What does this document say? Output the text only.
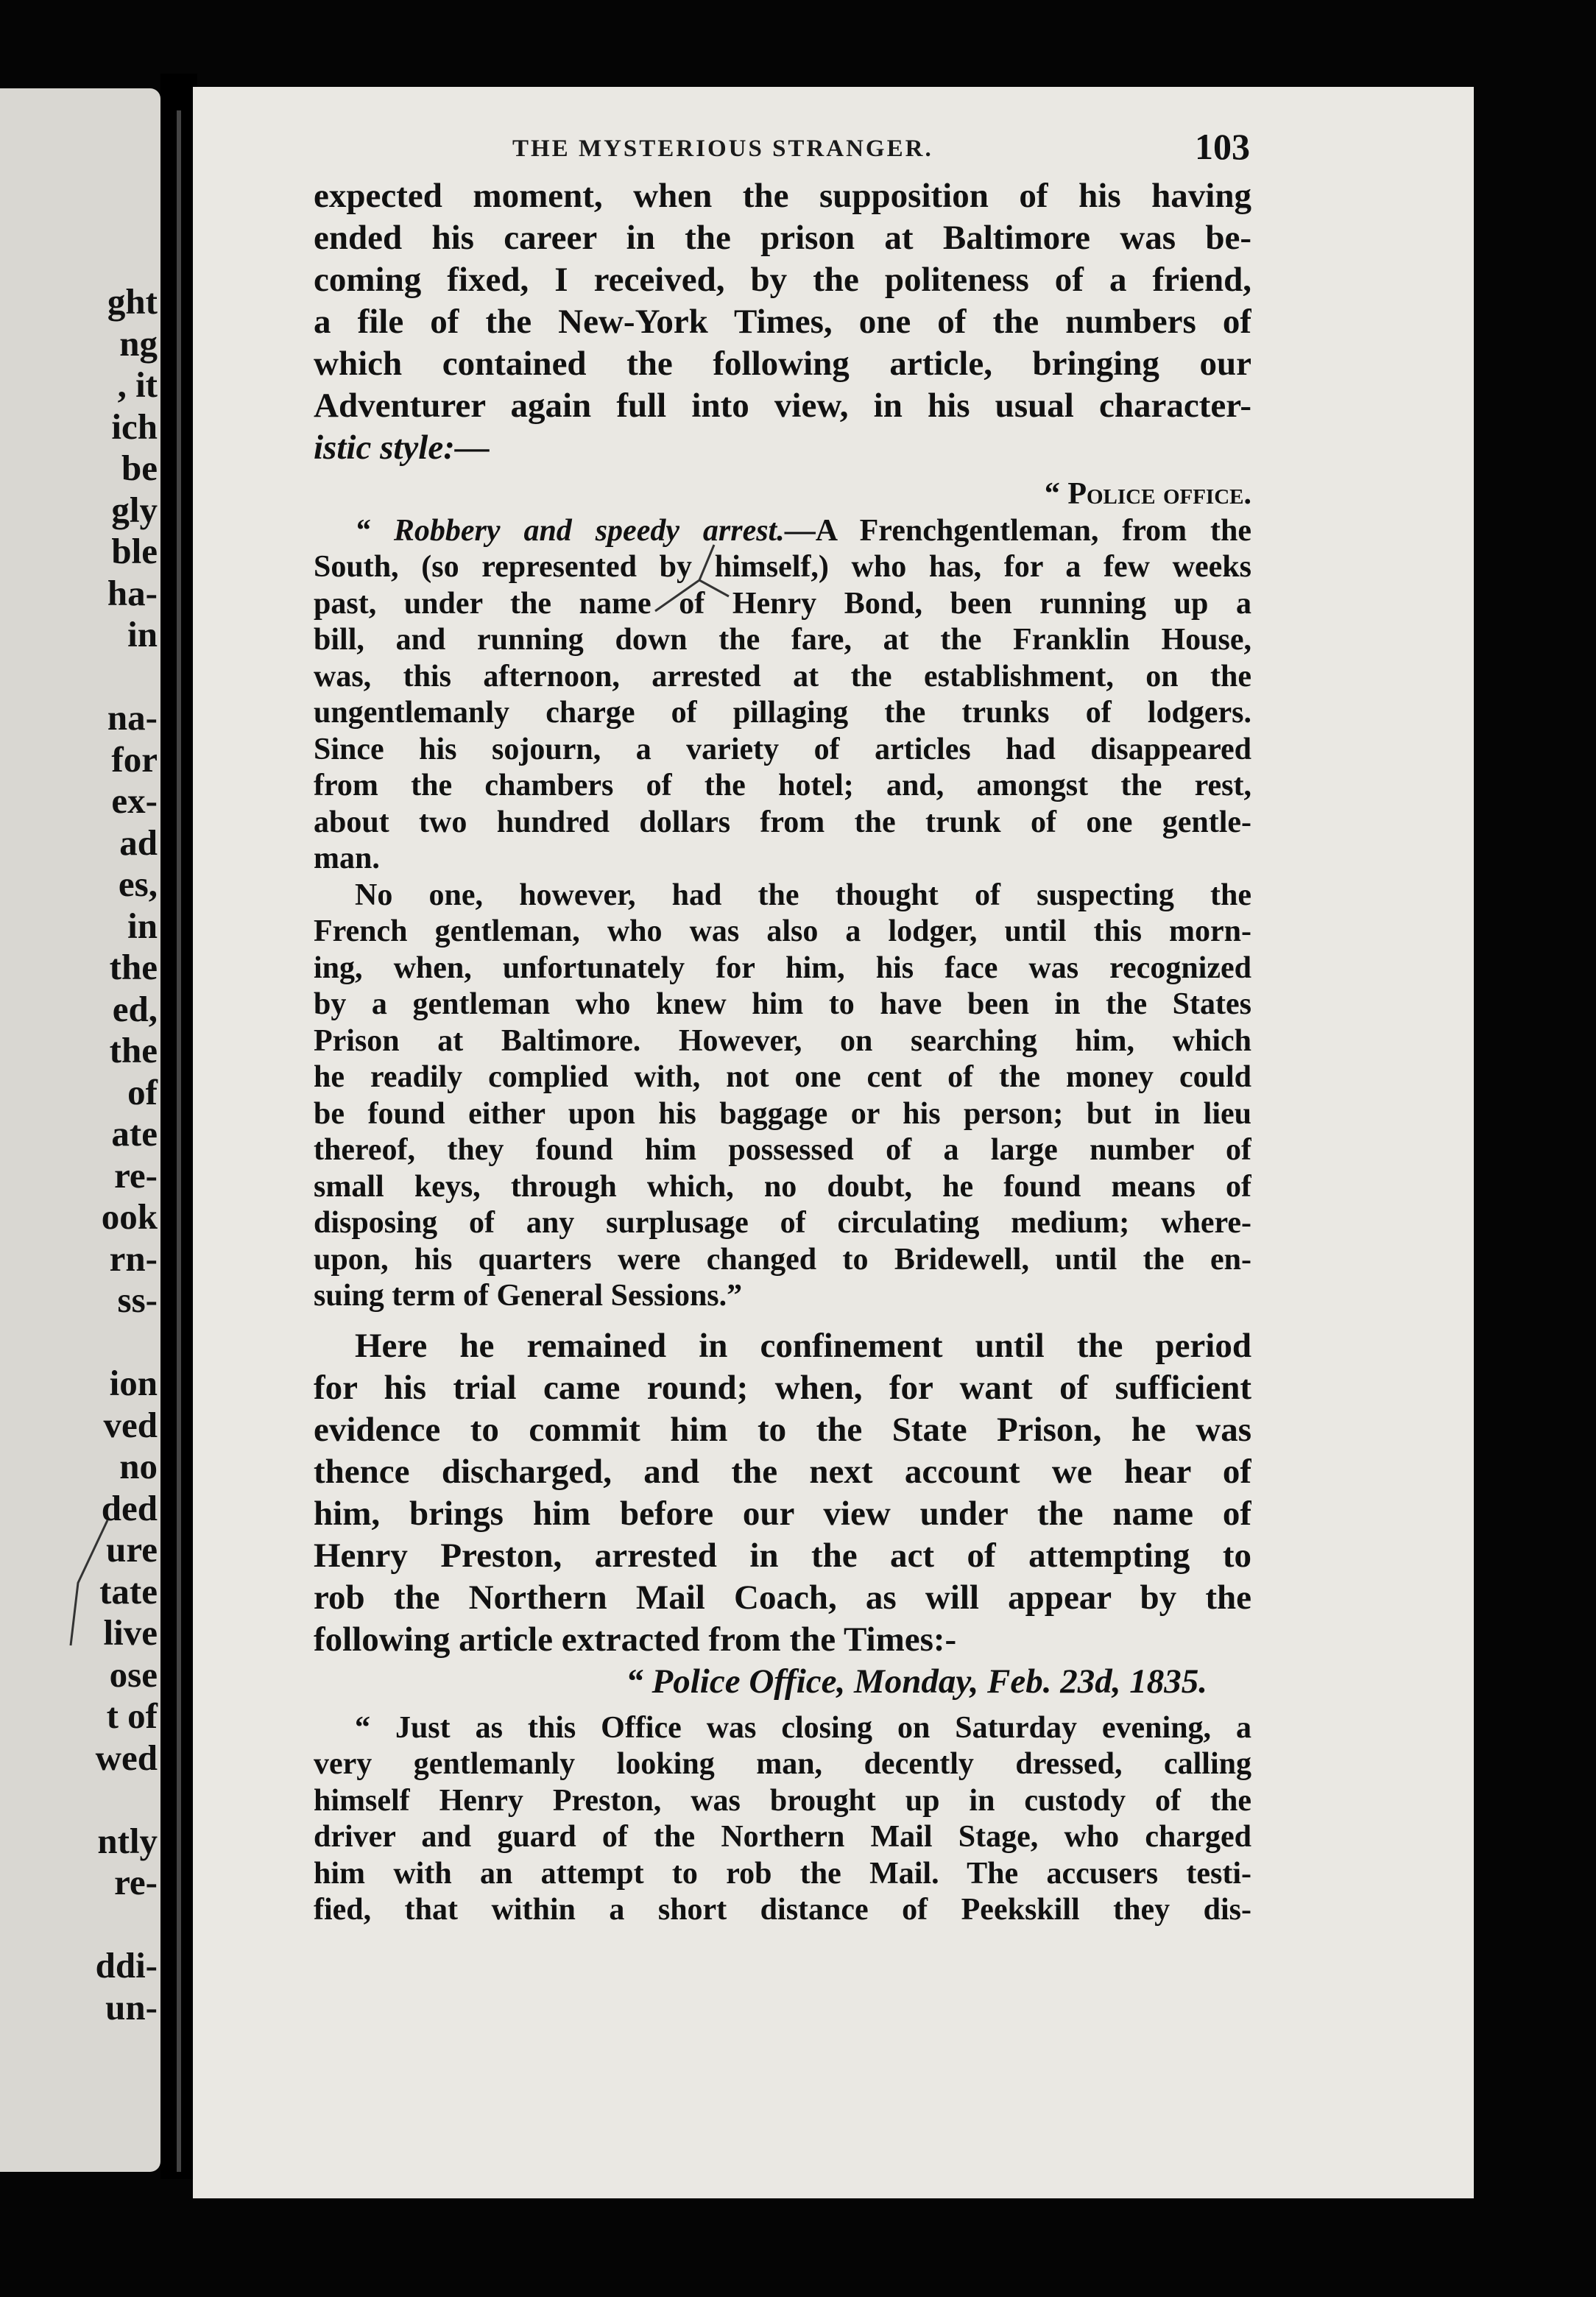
ght
ng
, it
ich
be
gly
ble
ha-
in
na-
for
ex-
ad
es,
in
the
ed,
the
of
ate
re-
ook
rn-
ss-
ion
ved
no
ded
ure
tate
live
ose
t of
wed
ntly
re-
ddi-
un-
THE MYSTERIOUS STRANGER.	103
expected moment, when the supposition of his having
ended his career in the prison at Baltimore was be-
coming fixed, I received, by the politeness of a friend,
a file of the New-York Times, one of the numbers of
which contained the following article, bringing our
Adventurer again full into view, in his usual character-
istic style:—
“ Police office.
“ Robbery and speedy arrest.—A Frenchgentleman, from the
South, (so represented by himself,) who has, for a few weeks
past, under the name of Henry Bond, been running up a
bill, and running down the fare, at the Franklin House,
was, this afternoon, arrested at the establishment, on the
ungentlemanly charge of pillaging the trunks of lodgers.
Since his sojourn, a variety of articles had disappeared
from the chambers of the hotel; and, amongst the rest,
about two hundred dollars from the trunk of one gentle-
man.
No one, however, had the thought of suspecting the
French gentleman, who was also a lodger, until this morn-
ing, when, unfortunately for him, his face was recognized
by a gentleman who knew him to have been in the States
Prison at Baltimore. However, on searching him, which
he readily complied with, not one cent of the money could
be found either upon his baggage or his person; but in lieu
thereof, they found him possessed of a large number of
small keys, through which, no doubt, he found means of
disposing of any surplusage of circulating medium; where-
upon, his quarters were changed to Bridewell, until the en-
suing term of General Sessions.”
Here he remained in confinement until the period
for his trial came round; when, for want of sufficient
evidence to commit him to the State Prison, he was
thence discharged, and the next account we hear of
him, brings him before our view under the name of
Henry Preston, arrested in the act of attempting to
rob the Northern Mail Coach, as will appear by the
following article extracted from the Times:-
“ Police Office, Monday, Feb. 23d, 1835.
“ Just as this Office was closing on Saturday evening, a
very gentlemanly looking man, decently dressed, calling
himself Henry Preston, was brought up in custody of the
driver and guard of the Northern Mail Stage, who charged
him with an attempt to rob the Mail. The accusers testi-
fied, that within a short distance of Peekskill they dis-
